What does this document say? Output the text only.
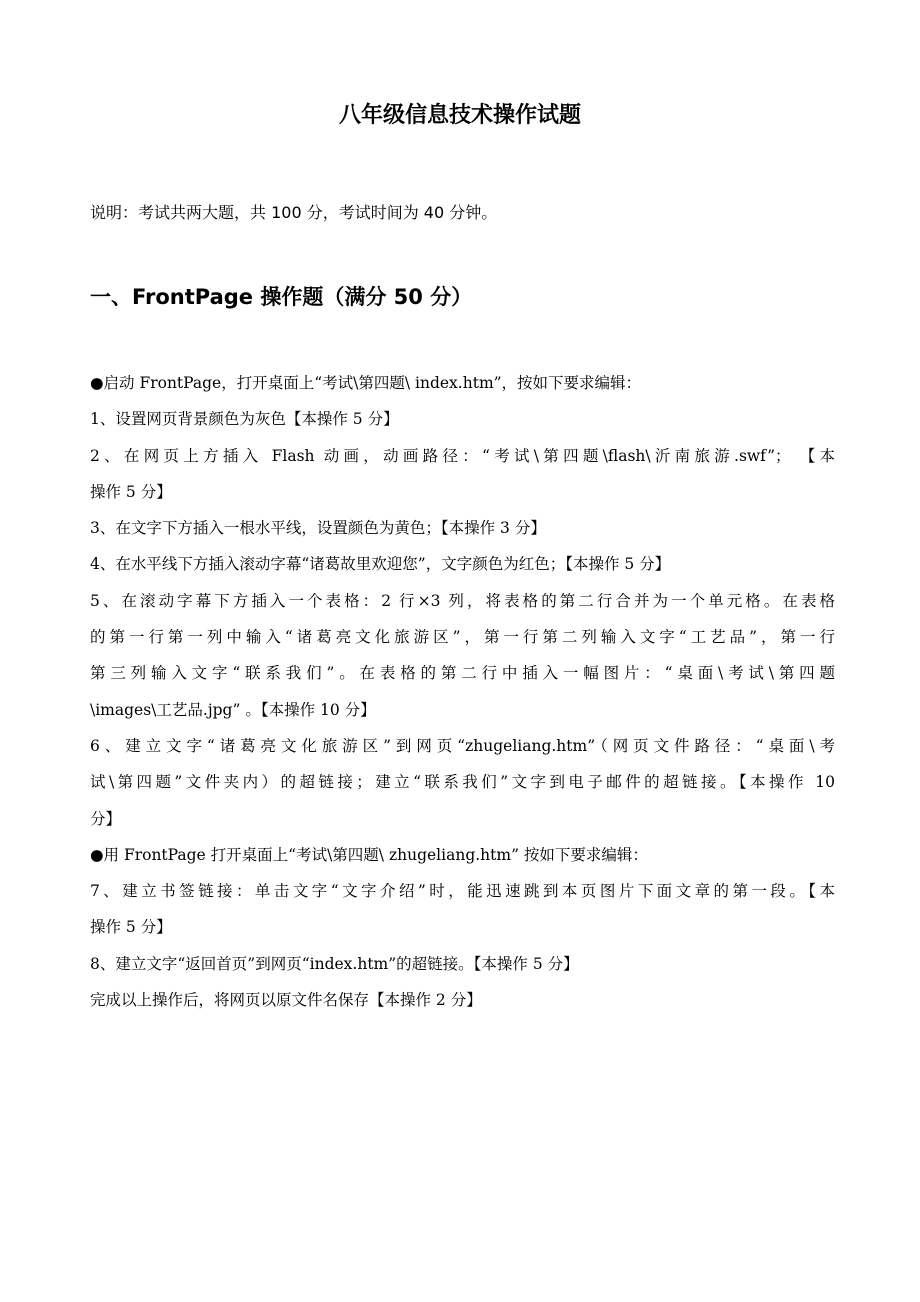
八年级信息技术操作试题
说明：考试共两大题，共 100 分，考试时间为 40 分钟。
一、FrontPage 操作题（满分 50 分）
●启动 FrontPage，打开桌面上“考试\第四题\ index.htm”，按如下要求编辑：
1、设置网页背景颜色为灰色【本操作 5 分】
2、在网页上方插入 Flash 动画，动画路径：“考试\第四题\flash\沂南旅游.swf”； 【本
操作 5 分】
3、在文字下方插入一根水平线，设置颜色为黄色；【本操作 3 分】
4、在水平线下方插入滚动字幕“诸葛故里欢迎您”，文字颜色为红色；【本操作 5 分】
5、在滚动字幕下方插入一个表格：2 行×3 列，将表格的第二行合并为一个单元格。在表格
的第一行第一列中输入“诸葛亮文化旅游区”，第一行第二列输入文字“工艺品”，第一行
第三列输入文字“联系我们”。在表格的第二行中插入一幅图片：“桌面\考试\第四题
\images\工艺品.jpg” 。【本操作 10 分】
6、建立文字“诸葛亮文化旅游区”到网页“zhugeliang.htm”（网页文件路径：“桌面\考
试\第四题”文件夹内）的超链接；建立“联系我们”文字到电子邮件的超链接。【本操作 10
分】
●用 FrontPage 打开桌面上“考试\第四题\ zhugeliang.htm” 按如下要求编辑：
7、建立书签链接：单击文字“文字介绍”时，能迅速跳到本页图片下面文章的第一段。【本
操作 5 分】
8、建立文字“返回首页”到网页“index.htm”的超链接。【本操作 5 分】
完成以上操作后，将网页以原文件名保存【本操作 2 分】
